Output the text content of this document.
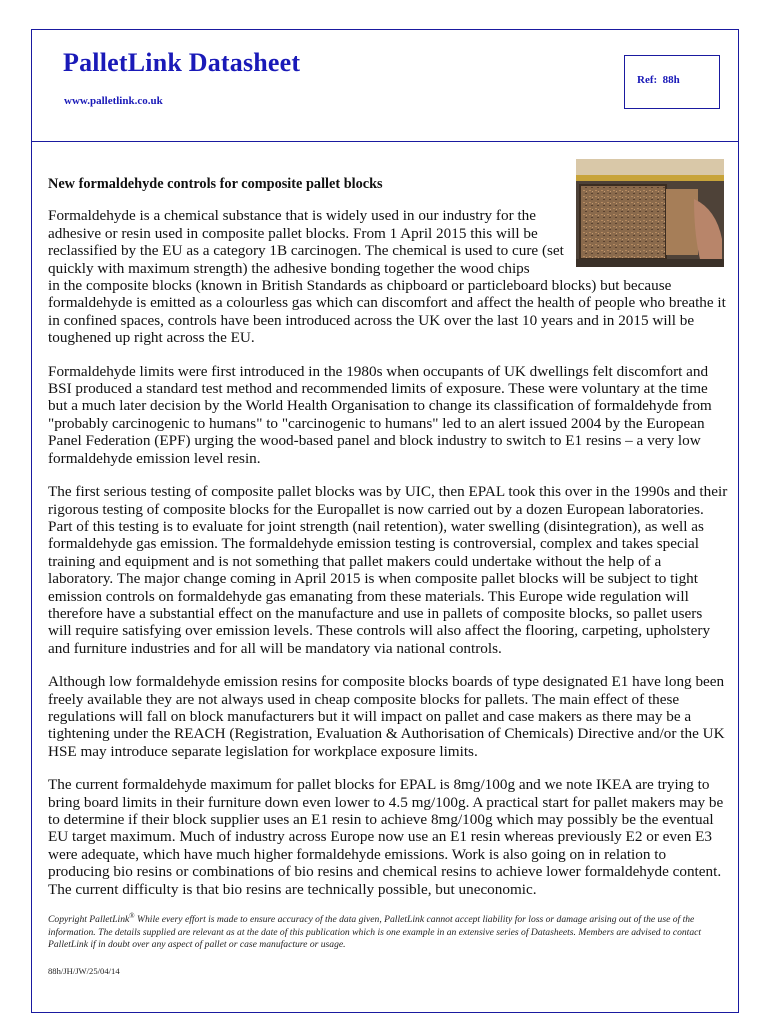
PalletLink Datasheet
www.palletlink.co.uk
Ref: 88h

New formaldehyde controls for composite pallet blocks

Formaldehyde is a chemical substance that is widely used in our industry for the adhesive or resin used in composite pallet blocks. From 1 April 2015 this will be reclassified by the EU as a category 1B carcinogen. The chemical is used to cure (set quickly with maximum strength) the adhesive bonding together the wood chips
in the composite blocks (known in British Standards as chipboard or particleboard blocks) but because formaldehyde is emitted as a colourless gas which can discomfort and affect the health of people who breathe it in confined spaces, controls have been introduced across the UK over the last 10 years and in 2015 will be toughened up right across the EU.

Formaldehyde limits were first introduced in the 1980s when occupants of UK dwellings felt discomfort and BSI produced a standard test method and recommended limits of exposure. These were voluntary at the time but a much later decision by the World Health Organisation to change its classification of formaldehyde from "probably carcinogenic to humans" to "carcinogenic to humans" led to an alert issued 2004 by the European Panel Federation (EPF) urging the wood-based panel and block industry to switch to E1 resins – a very low formaldehyde emission level resin.

The first serious testing of composite pallet blocks was by UIC, then EPAL took this over in the 1990s and their rigorous testing of composite blocks for the Europallet is now carried out by a dozen European laboratories. Part of this testing is to evaluate for joint strength (nail retention), water swelling (disintegration), as well as formaldehyde gas emission. The formaldehyde emission testing is controversial, complex and takes special training and equipment and is not something that pallet makers could undertake without the help of a laboratory. The major change coming in April 2015 is when composite pallet blocks will be subject to tight emission controls on formaldehyde gas emanating from these materials. This Europe wide regulation will therefore have a substantial effect on the manufacture and use in pallets of composite blocks, so pallet users will require satisfying over emission levels. These controls will also affect the flooring, carpeting, upholstery and furniture industries and for all will be mandatory via national controls.

Although low formaldehyde emission resins for composite blocks boards of type designated E1 have long been freely available they are not always used in cheap composite blocks for pallets. The main effect of these regulations will fall on block manufacturers but it will impact on pallet and case makers as there may be a tightening under the REACH (Registration, Evaluation & Authorisation of Chemicals) Directive and/or the UK HSE may introduce separate legislation for workplace exposure limits.

The current formaldehyde maximum for pallet blocks for EPAL is 8mg/100g and we note IKEA are trying to bring board limits in their furniture down even lower to 4.5 mg/100g. A practical start for pallet makers may be to determine if their block supplier uses an E1 resin to achieve 8mg/100g which may possibly be the eventual EU target maximum. Much of industry across Europe now use an E1 resin whereas previously E2 or even E3 were adequate, which have much higher formaldehyde emissions. Work is also going on in relation to producing bio resins or combinations of bio resins and chemical resins to achieve lower formaldehyde content. The current difficulty is that bio resins are technically possible, but uneconomic.

Copyright PalletLink® While every effort is made to ensure accuracy of the data given, PalletLink cannot accept liability for loss or damage arising out of the use of the information. The details supplied are relevant as at the date of this publication which is one example in an extensive series of Datasheets. Members are advised to contact PalletLink if in doubt over any aspect of pallet or case manufacture or usage.
88h/JH/JW/25/04/14
